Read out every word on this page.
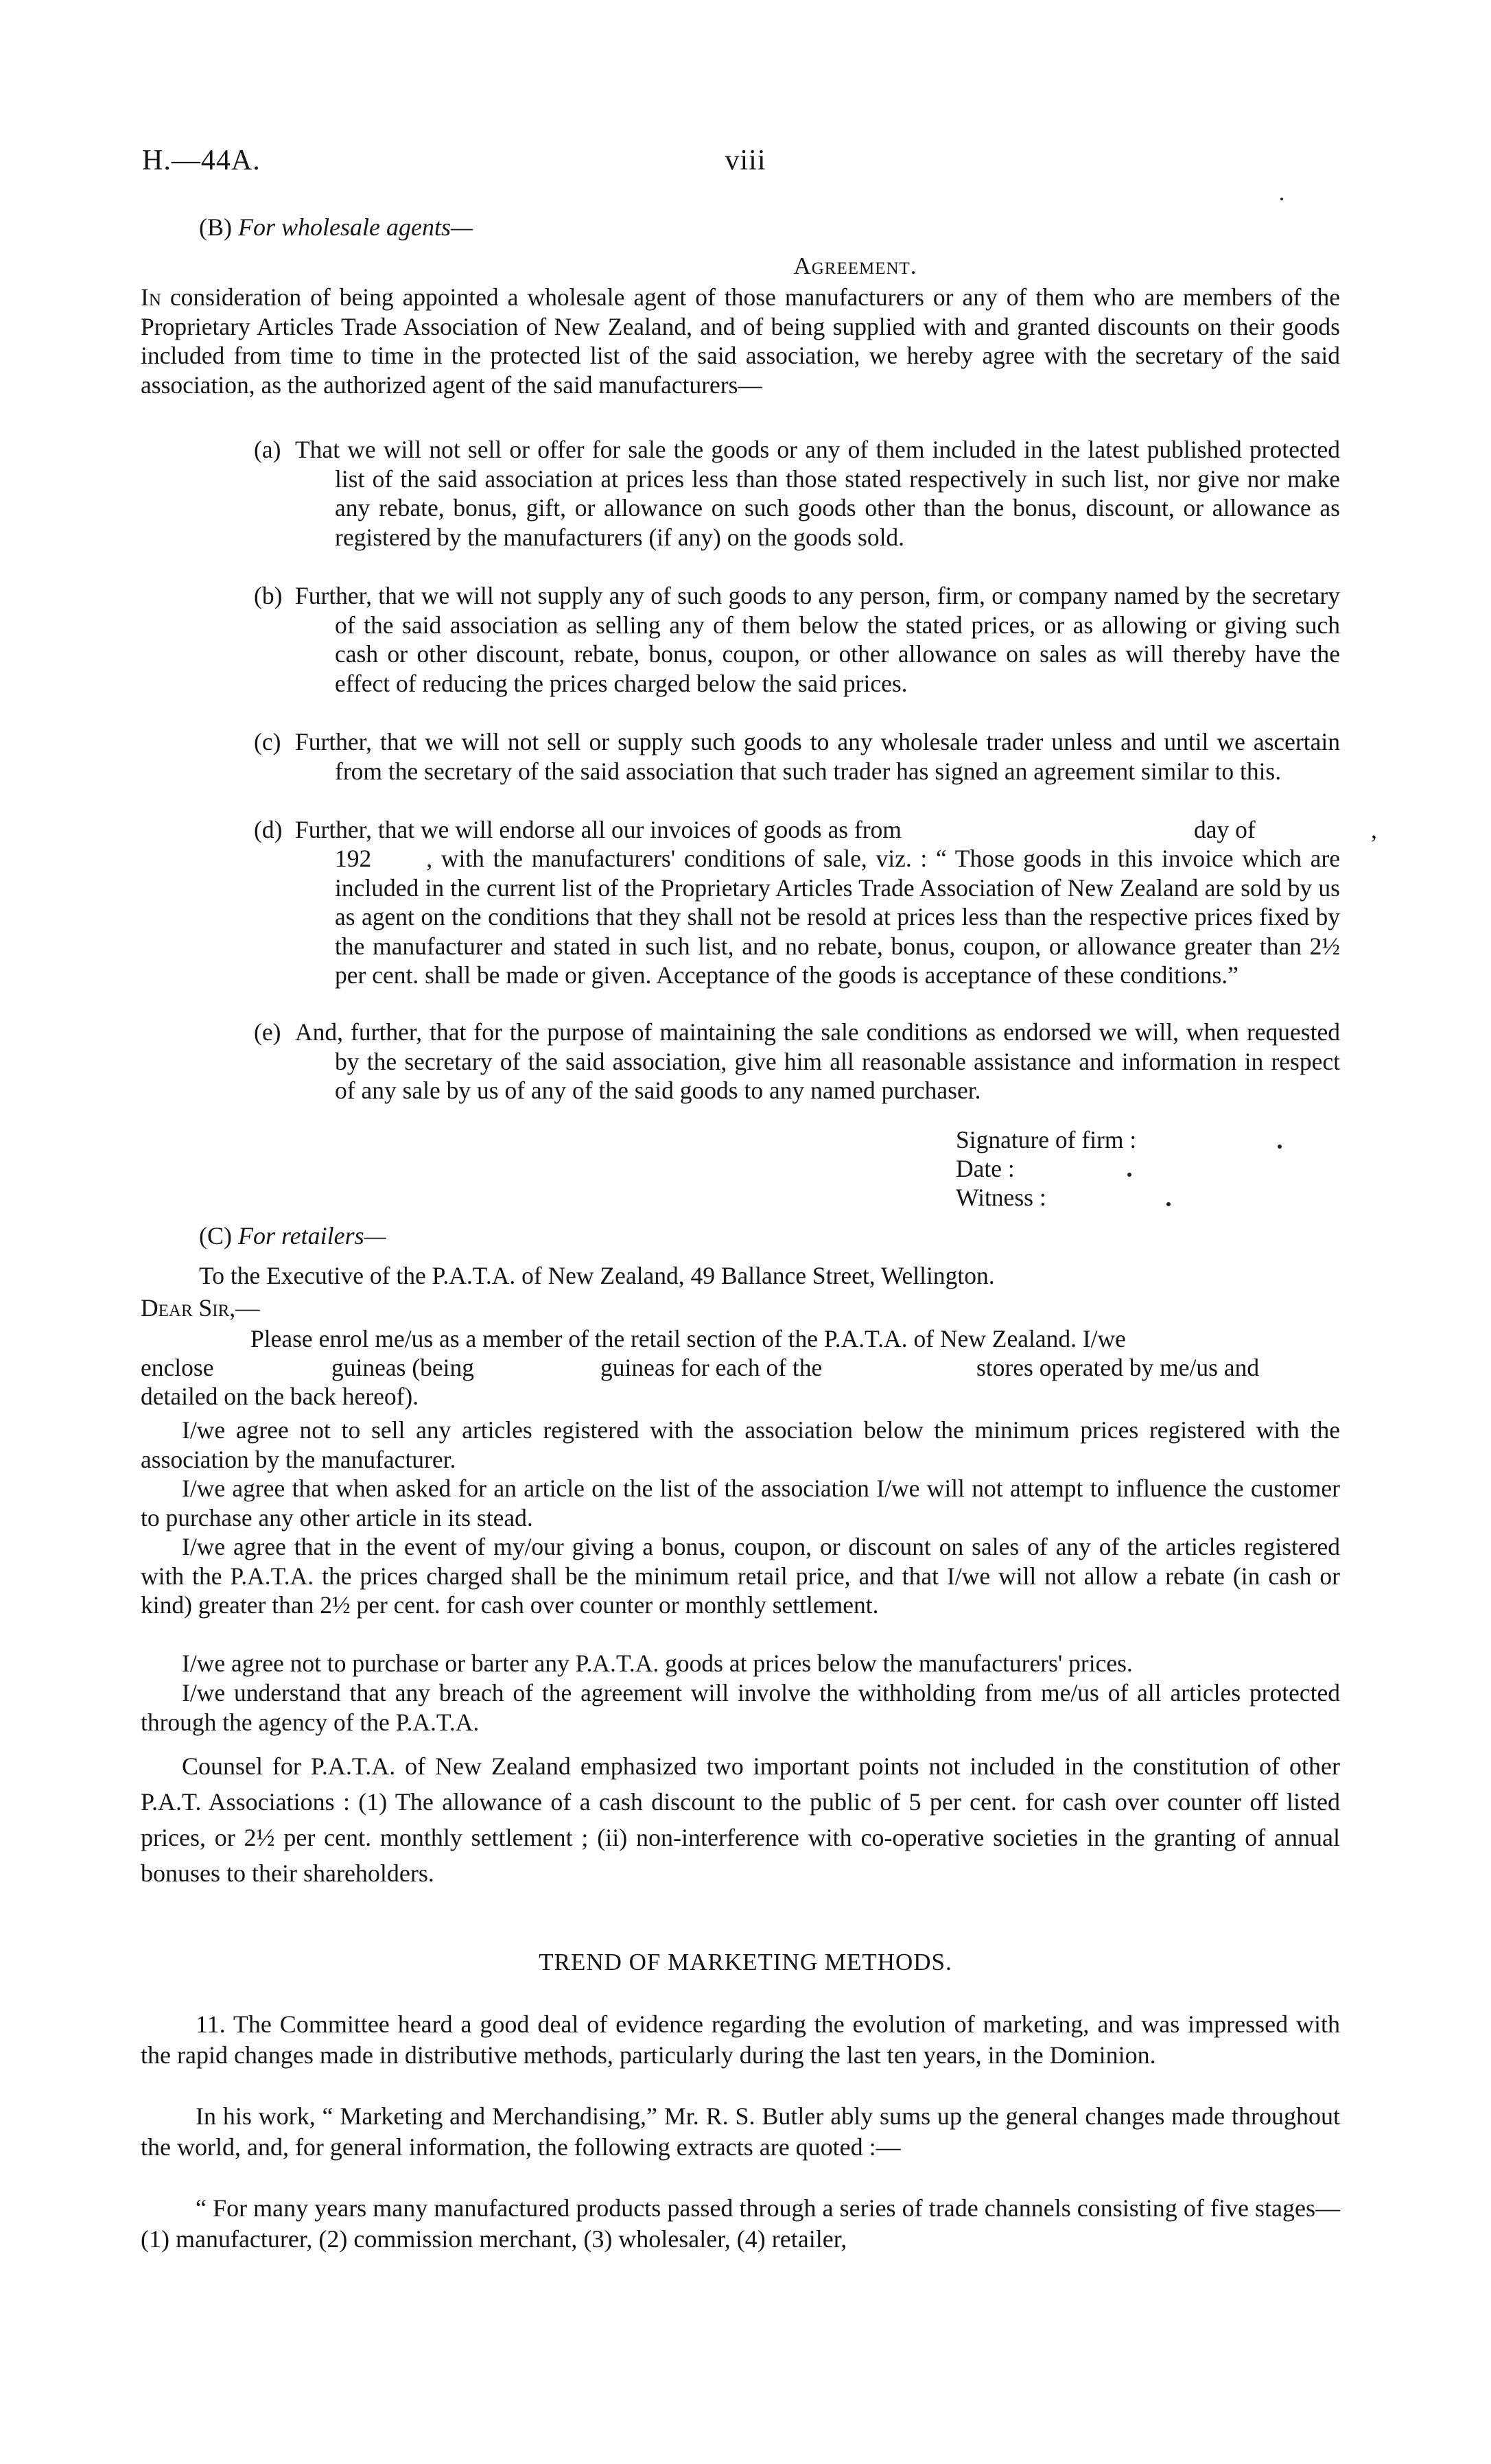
H.—44A.	viii
(B) For wholesale agents—
Agreement.
In consideration of being appointed a wholesale agent of those manufacturers or any of them who are members of the Proprietary Articles Trade Association of New Zealand, and of being supplied with and granted discounts on their goods included from time to time in the protected list of the said association, we hereby agree with the secretary of the said association, as the authorized agent of the said manufacturers—
(a) That we will not sell or offer for sale the goods or any of them included in the latest published protected list of the said association at prices less than those stated respectively in such list, nor give nor make any rebate, bonus, gift, or allowance on such goods other than the bonus, discount, or allowance as registered by the manufacturers (if any) on the goods sold.
(b) Further, that we will not supply any of such goods to any person, firm, or company named by the secretary of the said association as selling any of them below the stated prices, or as allowing or giving such cash or other discount, rebate, bonus, coupon, or other allowance on sales as will thereby have the effect of reducing the prices charged below the said prices.
(c) Further, that we will not sell or supply such goods to any wholesale trader unless and until we ascertain from the secretary of the said association that such trader has signed an agreement similar to this.
(d) Further, that we will endorse all our invoices of goods as from	day of	,
192 , with the manufacturers' conditions of sale, viz. : “ Those goods in this invoice which are included in the current list of the Proprietary Articles Trade Association of New Zealand are sold by us as agent on the conditions that they shall not be resold at prices less than the respective prices fixed by the manufacturer and stated in such list, and no rebate, bonus, coupon, or allowance greater than 2½ per cent. shall be made or given. Acceptance of the goods is acceptance of these conditions.”
(e) And, further, that for the purpose of maintaining the sale conditions as endorsed we will, when requested by the secretary of the said association, give him all reasonable assistance and information in respect of any sale by us of any of the said goods to any named purchaser.
Signature of firm :
Date :
Witness :
(C) For retailers—
To the Executive of the P.A.T.A. of New Zealand, 49 Ballance Street, Wellington.
Dear Sir,—
Please enrol me/us as a member of the retail section of the P.A.T.A. of New Zealand. I/we
enclose	guineas (being	guineas for each of the	stores operated by me/us and
detailed on the back hereof).
I/we agree not to sell any articles registered with the association below the minimum prices registered with the association by the manufacturer.
I/we agree that when asked for an article on the list of the association I/we will not attempt to influence the customer to purchase any other article in its stead.
I/we agree that in the event of my/our giving a bonus, coupon, or discount on sales of any of the articles registered with the P.A.T.A. the prices charged shall be the minimum retail price, and that I/we will not allow a rebate (in cash or kind) greater than 2½ per cent. for cash over counter or monthly settlement.
I/we agree not to purchase or barter any P.A.T.A. goods at prices below the manufacturers' prices.
I/we understand that any breach of the agreement will involve the withholding from me/us of all articles protected through the agency of the P.A.T.A.
Counsel for P.A.T.A. of New Zealand emphasized two important points not included in the constitution of other P.A.T. Associations : (1) The allowance of a cash discount to the public of 5 per cent. for cash over counter off listed prices, or 2½ per cent. monthly settlement ; (ii) non-interference with co-operative societies in the granting of annual bonuses to their shareholders.
TREND OF MARKETING METHODS.
11. The Committee heard a good deal of evidence regarding the evolution of marketing, and was impressed with the rapid changes made in distributive methods, particularly during the last ten years, in the Dominion.
In his work, “ Marketing and Merchandising,” Mr. R. S. Butler ably sums up the general changes made throughout the world, and, for general information, the following extracts are quoted :—
“ For many years many manufactured products passed through a series of trade channels consisting of five stages—(1) manufacturer, (2) commission merchant, (3) wholesaler, (4) retailer,
